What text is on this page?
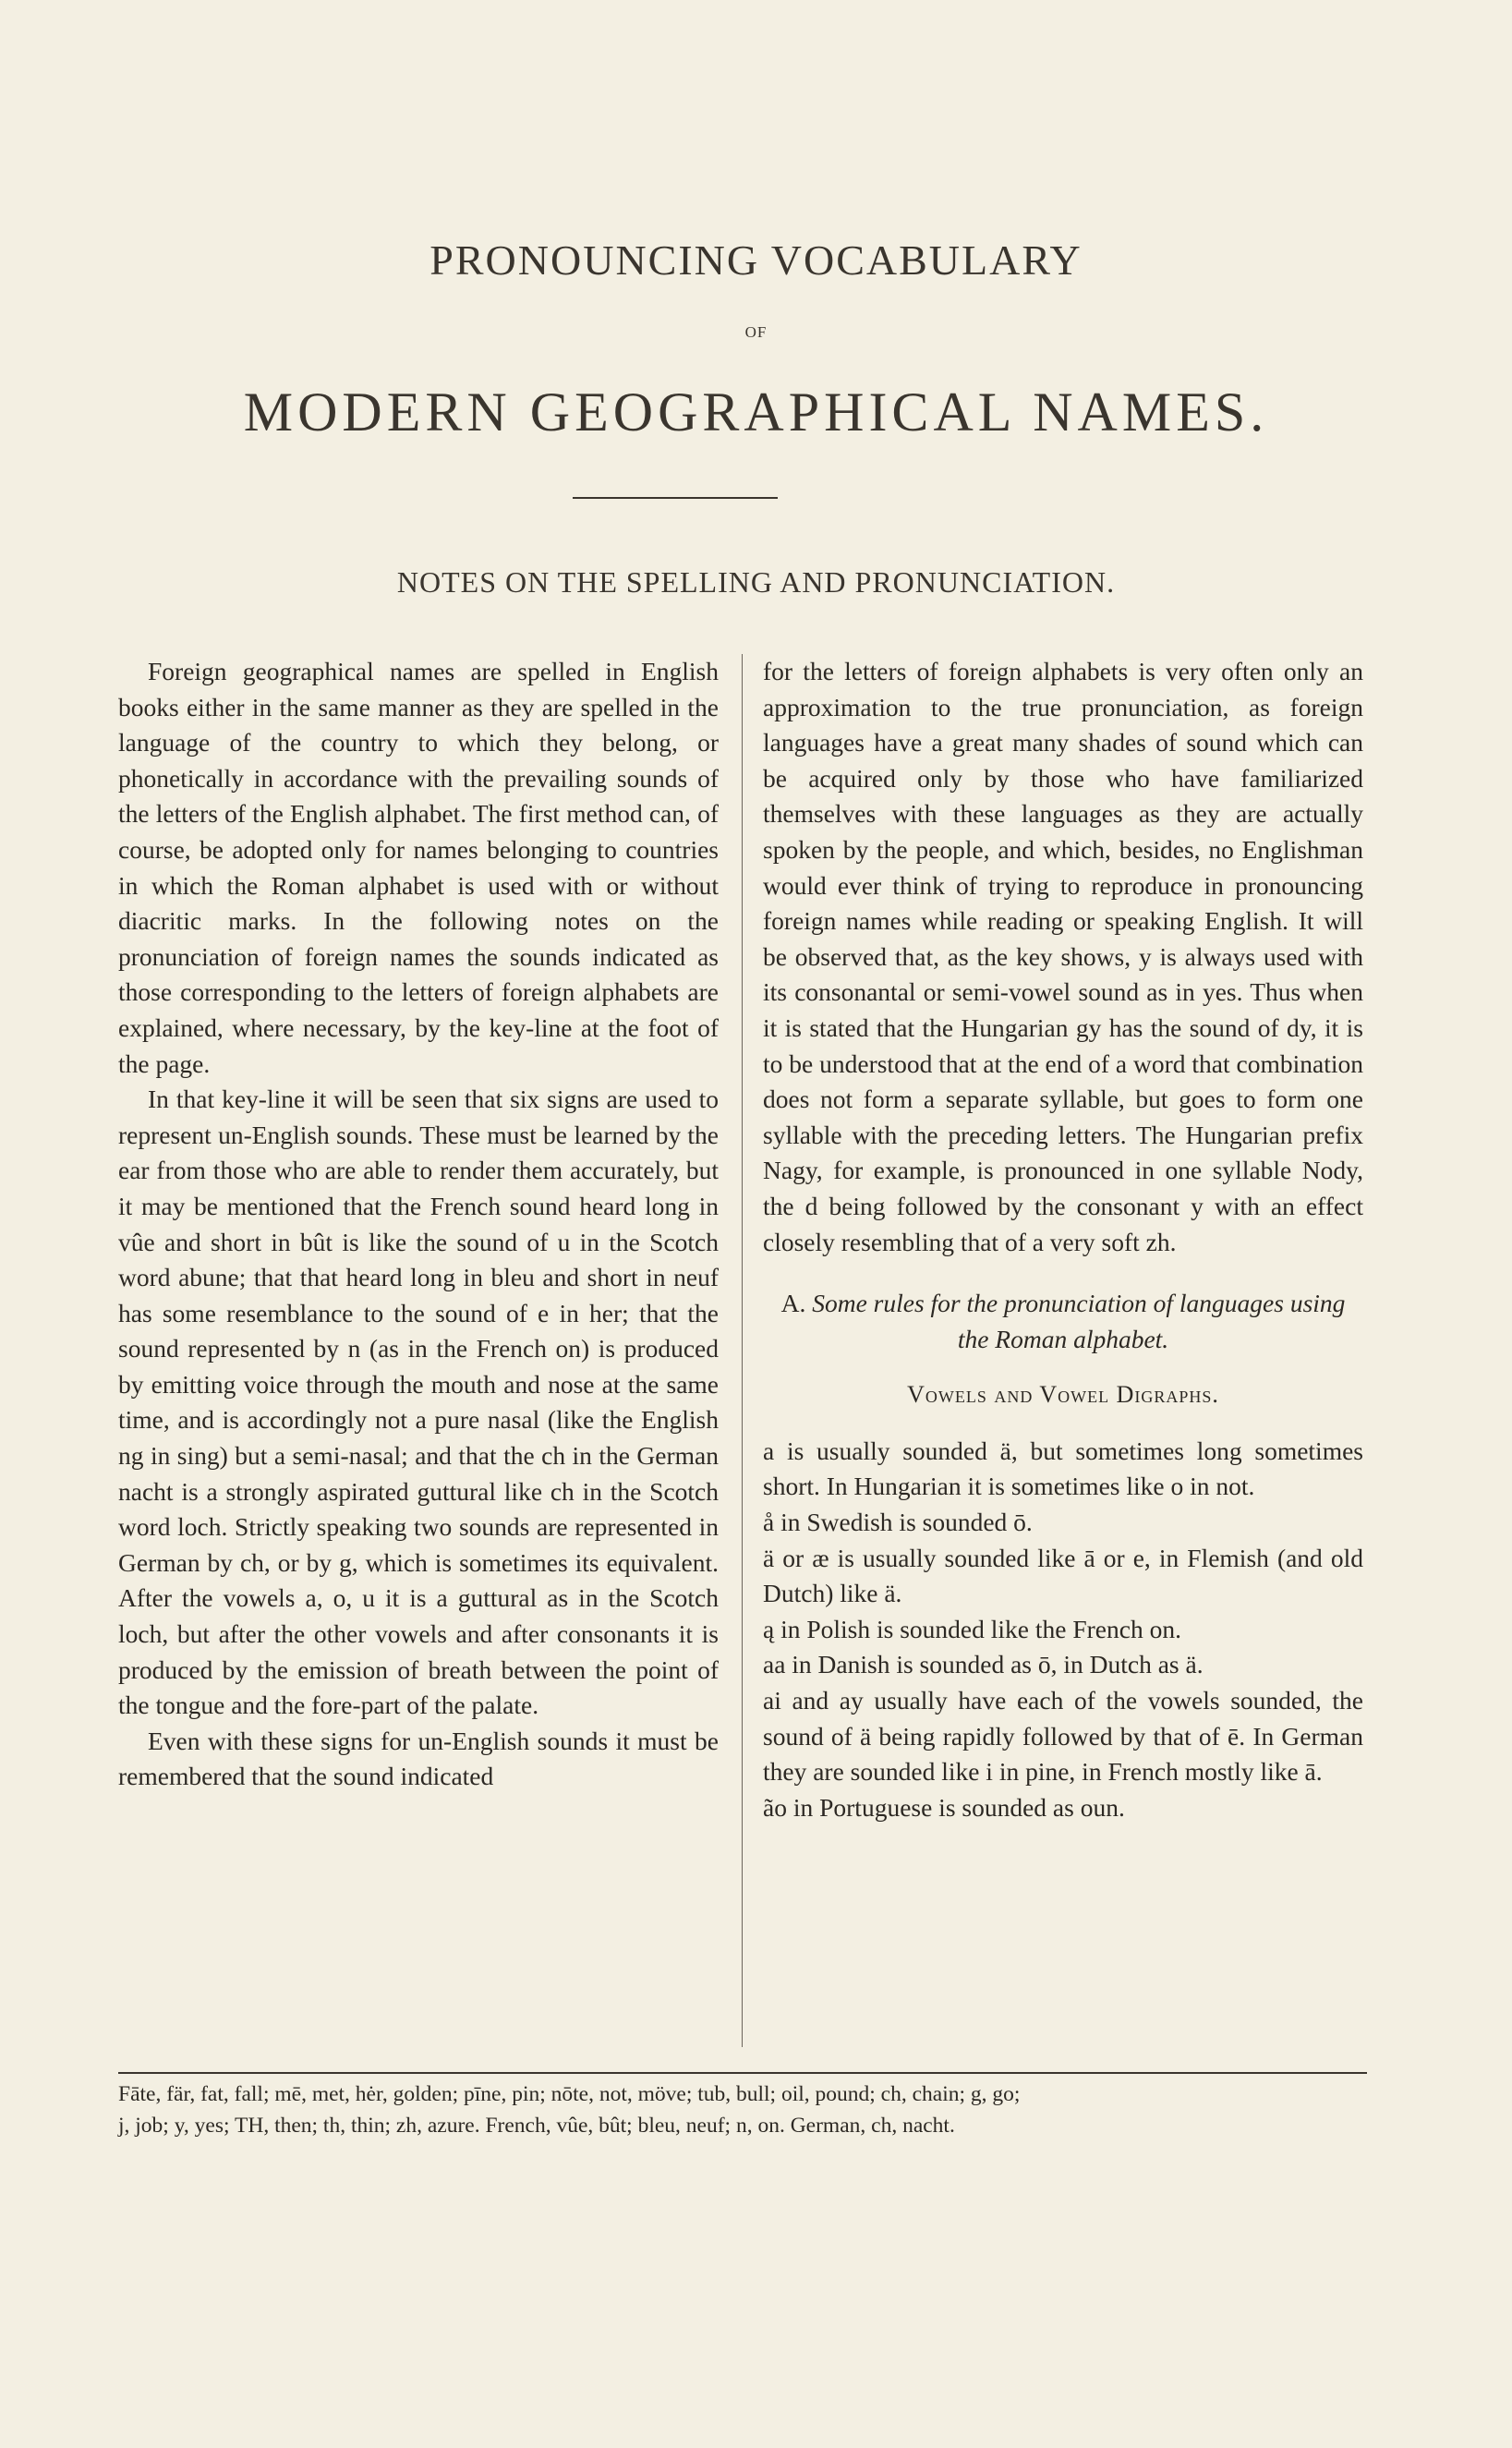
PRONOUNCING VOCABULARY
OF
MODERN GEOGRAPHICAL NAMES.
NOTES ON THE SPELLING AND PRONUNCIATION.

Foreign geographical names are spelled in English books either in the same manner as they are spelled in the language of the country to which they belong, or phonetically in accordance with the prevailing sounds of the letters of the English alphabet. The first method can, of course, be adopted only for names belonging to countries in which the Roman alphabet is used with or without diacritic marks. In the following notes on the pronunciation of foreign names the sounds indicated as those corresponding to the letters of foreign alphabets are explained, where necessary, by the key-line at the foot of the page.

In that key-line it will be seen that six signs are used to represent un-English sounds. These must be learned by the ear from those who are able to render them accurately, but it may be mentioned that the French sound heard long in vûe and short in bût is like the sound of u in the Scotch word abune; that that heard long in bleu and short in neuf has some resemblance to the sound of e in her; that the sound represented by n (as in the French on) is produced by emitting voice through the mouth and nose at the same time, and is accordingly not a pure nasal (like the English ng in sing) but a semi-nasal; and that the ch in the German nacht is a strongly aspirated guttural like ch in the Scotch word loch. Strictly speaking two sounds are represented in German by ch, or by g, which is sometimes its equivalent. After the vowels a, o, u it is a guttural as in the Scotch loch, but after the other vowels and after consonants it is produced by the emission of breath between the point of the tongue and the fore-part of the palate.

Even with these signs for un-English sounds it must be remembered that the sound indicated

for the letters of foreign alphabets is very often only an approximation to the true pronunciation, as foreign languages have a great many shades of sound which can be acquired only by those who have familiarized themselves with these languages as they are actually spoken by the people, and which, besides, no Englishman would ever think of trying to reproduce in pronouncing foreign names while reading or speaking English. It will be observed that, as the key shows, y is always used with its consonantal or semi-vowel sound as in yes. Thus when it is stated that the Hungarian gy has the sound of dy, it is to be understood that at the end of a word that combination does not form a separate syllable, but goes to form one syllable with the preceding letters. The Hungarian prefix Nagy, for example, is pronounced in one syllable Nody, the d being followed by the consonant y with an effect closely resembling that of a very soft zh.

A. Some rules for the pronunciation of languages using the Roman alphabet.

Vowels and Vowel Digraphs.

a is usually sounded ä, but sometimes long sometimes short. In Hungarian it is sometimes like o in not.

å in Swedish is sounded ō.

ä or æ is usually sounded like ā or e, in Flemish (and old Dutch) like ä.

ą in Polish is sounded like the French on.

aa in Danish is sounded as ō, in Dutch as ä.

ai and ay usually have each of the vowels sounded, the sound of ä being rapidly followed by that of ē. In German they are sounded like i in pine, in French mostly like ā.

ão in Portuguese is sounded as oun.

Fāte, fär, fat, fall; mē, met, hėr, golden; pīne, pin; nōte, not, möve; tub, bull; oil, pound; ch, chain; g, go;

j, job; y, yes; TH, then; th, thin; zh, azure. French, vûe, bût; bleu, neuf; n, on. German, ch, nacht.
